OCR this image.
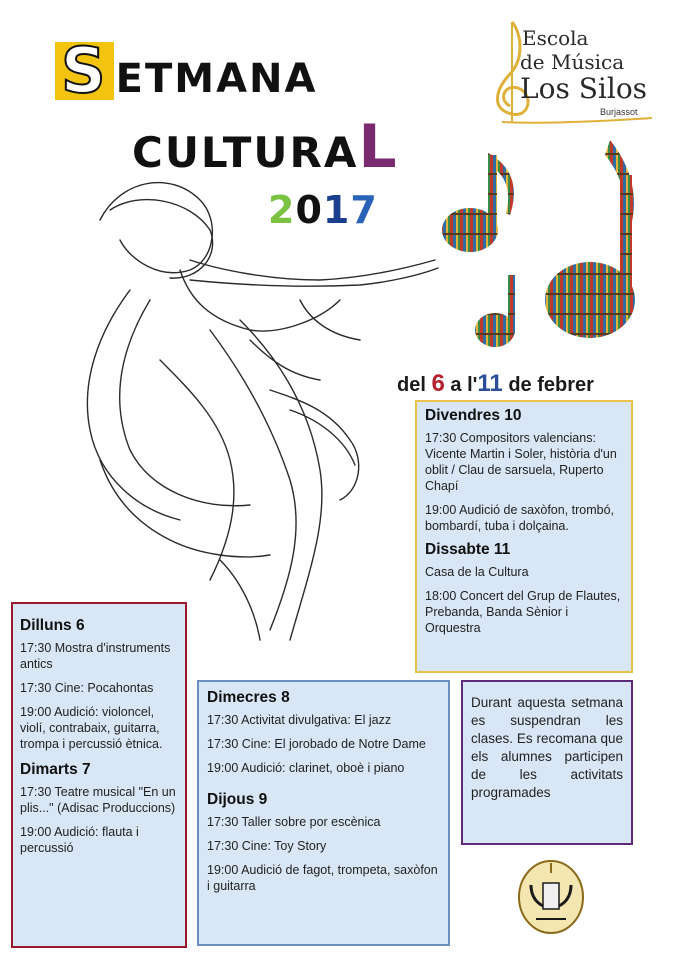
S ETMANA
CULTURAL
2017
Escola
de Música
Los Silos
Burjassot
del 6 a l'11 de febrer
Divendres 10

17:30 Compositors valencians: Vicente Martin i Soler, història d'un oblit / Clau de sarsuela, Ruperto Chapí

19:00 Audició de saxòfon, trombó, bombardí, tuba i dolçaina.

Dissabte 11

Casa de la Cultura

18:00 Concert del Grup de Flautes, Prebanda, Banda Sènior i Orquestra

Dilluns 6

17:30 Mostra d'instruments antics

17:30 Cine: Pocahontas

19:00 Audició: violoncel, violí, contrabaix, guitarra, trompa i percussió ètnica.

Dimarts 7

17:30 Teatre musical "En un plis..." (Adisac Produccions)

19:00 Audició: flauta i percussió

Dimecres 8

17:30 Activitat divulgativa: El jazz

17:30 Cine: El jorobado de Notre Dame

19:00 Audició: clarinet, oboè i piano

Dijous 9

17:30 Taller sobre por escènica

17:30 Cine: Toy Story

19:00 Audició de fagot, trompeta, saxòfon i guitarra

Durant aquesta setmana es suspendran les clases. Es recomana que els alumnes participen de les activitats programades
